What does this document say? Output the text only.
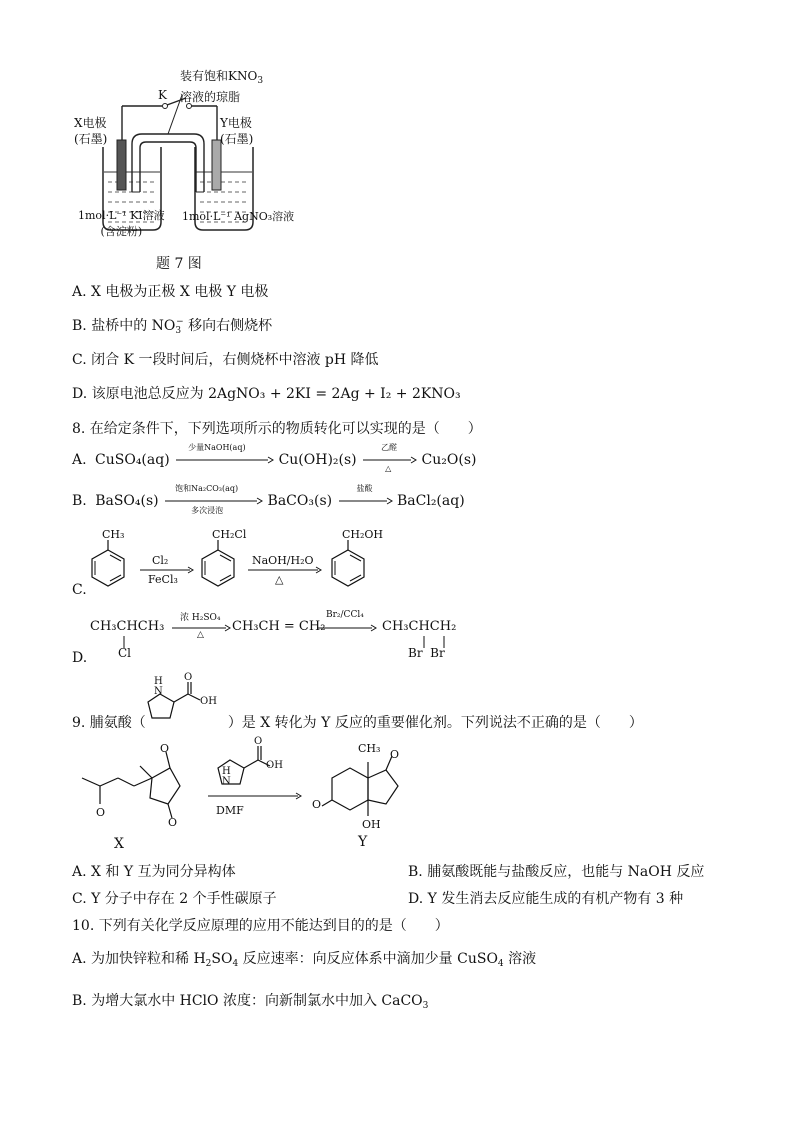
装有饱和$KNO_3$
溶液的琼脂
K
X电极
(石墨)
Y电极
(石墨)
1mol·L⁻¹ KI溶液
(含淀粉)
1mol·L⁻¹ AgNO₃溶液
题 7 图
A. X 电极为正极 X 电极 Y 电极
B. 盐桥中的 $NO_3^-$ 移向右侧烧杯
C. 闭合 K 一段时间后，右侧烧杯中溶液 pH 降低
D. 该原电池总反应为 2AgNO₃ + 2KI = 2Ag + I₂ + 2KNO₃
8. 在给定条件下，下列选项所示的物质转化可以实现的是（　　）
A. CuSO₄(aq)
少量NaOH(aq)
Cu(OH)₂(s)
乙醛
△
Cu₂O(s)
B. BaSO₄(s)
饱和Na₂CO₃(aq)
多次浸泡
BaCO₃(s)
盐酸
BaCl₂(aq)
C.
CH₃
Cl₂
FeCl₃
CH₂Cl
NaOH/H₂O
△
CH₂OH
D.
CH₃CHCH₃
Cl
浓 H₂SO₄
△
CH₃CH = CH₂
Br₂/CCl₄
CH₃CHCH₂
Br  Br
9. 脯氨酸（	）是 X 转化为 Y 反应的重要催化剂。下列说法不正确的是（　　）
N
H O
OH
O
O
O
N
H
O
OH
DMF
CH₃ O
O
OH
X	Y
A. X 和 Y 互为同分异构体	B. 脯氨酸既能与盐酸反应，也能与 NaOH 反应
C. Y 分子中存在 2 个手性碳原子	D. Y 发生消去反应能生成的有机产物有 3 种
10. 下列有关化学反应原理的应用不能达到目的的是（　　）
A. 为加快锌粒和稀 $H_2SO_4$ 反应速率：向反应体系中滴加少量 CuSO$_4$ 溶液
B. 为增大氯水中 HClO 浓度：向新制氯水中加入 CaCO$_3$
